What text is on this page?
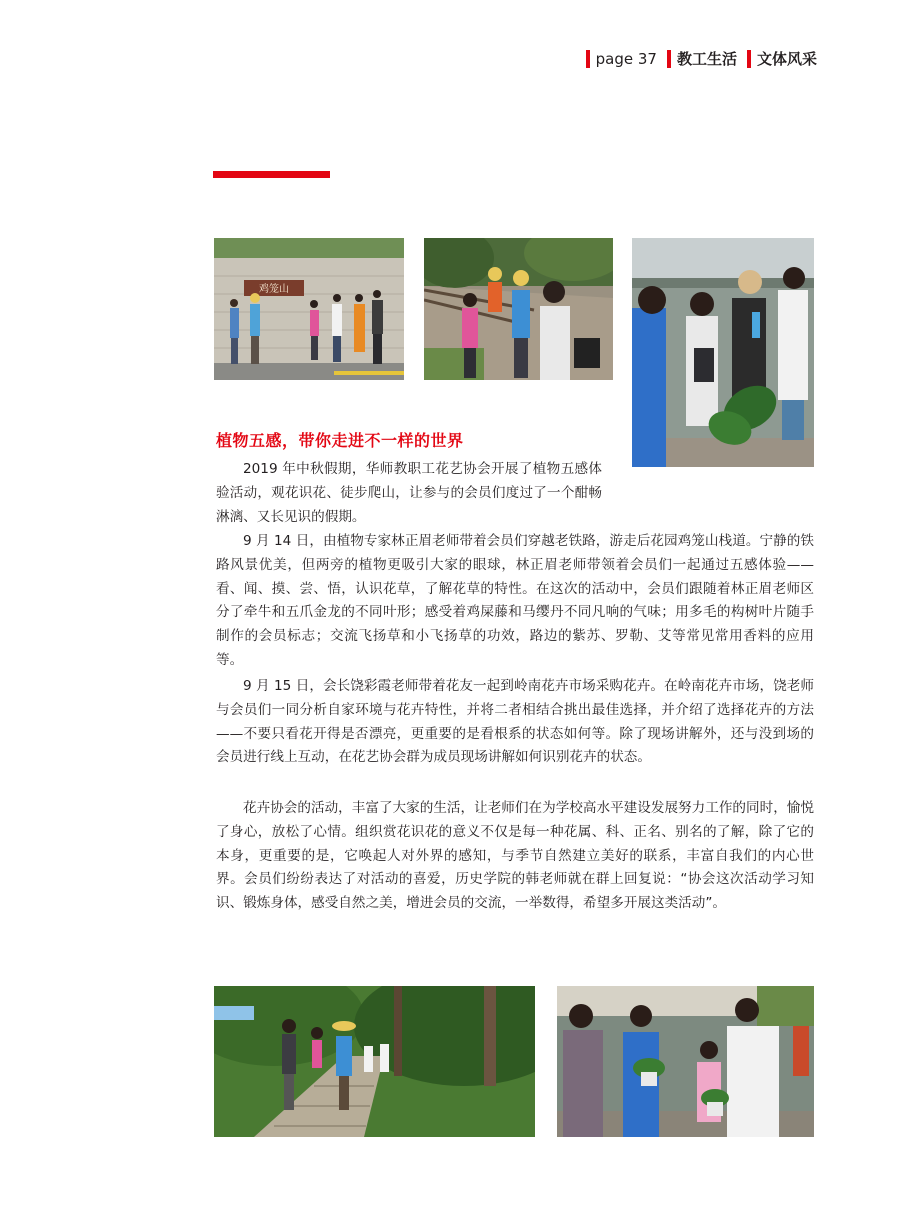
page 37 教工生活 文体风采
鸡笼山
植物五感，带你走进不一样的世界

2019 年中秋假期，华师教职工花艺协会开展了植物五感体验活动，观花识花、徒步爬山，让参与的会员们度过了一个酣畅淋漓、又长见识的假期。

9 月 14 日，由植物专家林正眉老师带着会员们穿越老铁路，游走后花园鸡笼山栈道。宁静的铁路风景优美，但两旁的植物更吸引大家的眼球，林正眉老师带领着会员们一起通过五感体验——看、闻、摸、尝、悟，认识花草，了解花草的特性。在这次的活动中，会员们跟随着林正眉老师区分了牵牛和五爪金龙的不同叶形；感受着鸡屎藤和马缨丹不同凡响的气味；用多毛的构树叶片随手制作的会员标志；交流飞扬草和小飞扬草的功效，路边的紫苏、罗勒、艾等常见常用香料的应用等。

9 月 15 日，会长饶彩霞老师带着花友一起到岭南花卉市场采购花卉。在岭南花卉市场，饶老师与会员们一同分析自家环境与花卉特性，并将二者相结合挑出最佳选择，并介绍了选择花卉的方法——不要只看花开得是否漂亮，更重要的是看根系的状态如何等。除了现场讲解外，还与没到场的会员进行线上互动，在花艺协会群为成员现场讲解如何识别花卉的状态。

花卉协会的活动，丰富了大家的生活，让老师们在为学校高水平建设发展努力工作的同时，愉悦了身心，放松了心情。组织赏花识花的意义不仅是每一种花属、科、正名、别名的了解，除了它的本身，更重要的是，它唤起人对外界的感知，与季节自然建立美好的联系，丰富自我们的内心世界。会员们纷纷表达了对活动的喜爱，历史学院的韩老师就在群上回复说：“协会这次活动学习知识、锻炼身体，感受自然之美，增进会员的交流，一举数得，希望多开展这类活动”。
